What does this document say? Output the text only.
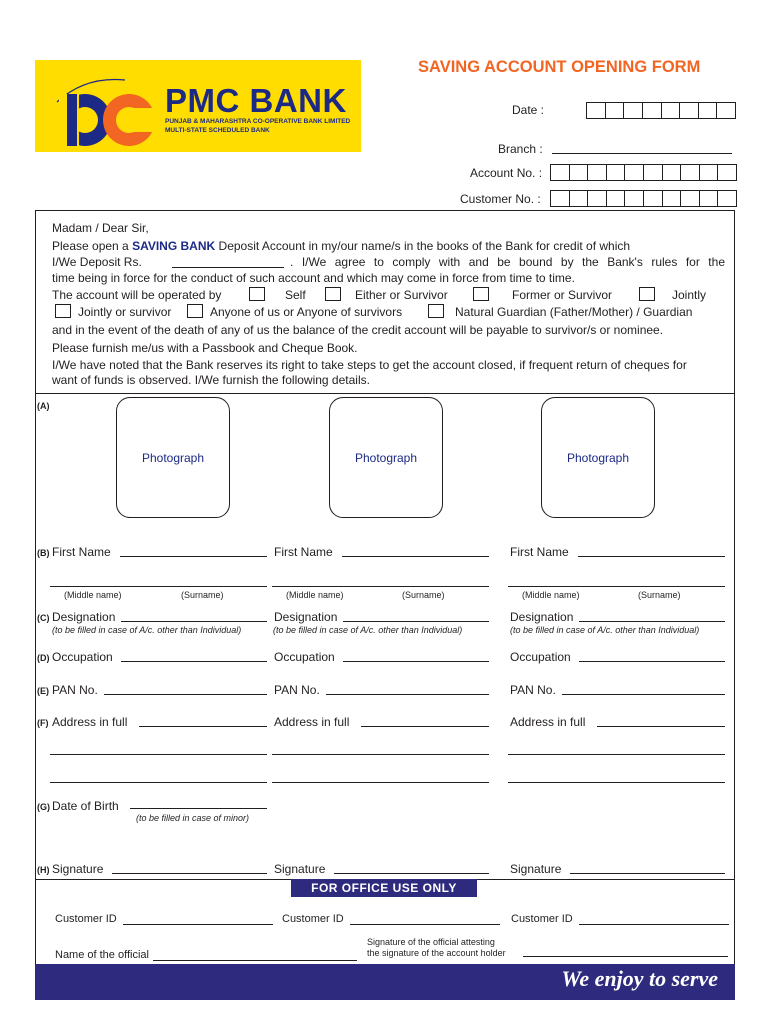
PMC BANK
PUNJAB & MAHARASHTRA CO-OPERATIVE BANK LIMITED
MULTI-STATE SCHEDULED BANK
SAVING ACCOUNT OPENING FORM
Date :
Branch :
Account No. :
Customer No. :
Madam / Dear Sir,
Please open a SAVING BANK Deposit Account in my/our name/s in the books of the Bank for credit of which
I/We Deposit Rs.	. I/We agree to comply with and be bound by the Bank's rules for the
time being in force for the conduct of such account and which may come in force from time to time.
The account will be operated by	Self	Either or Survivor	Former or Survivor	Jointly
Jointly or survivor	Anyone of us or Anyone of survivors	Natural Guardian (Father/Mother) / Guardian
and in the event of the death of any of us the balance of the credit account will be payable to survivor/s or nominee.
Please furnish me/us with a Passbook and Cheque Book.
I/We have noted that the Bank reserves its right to take steps to get the account closed, if frequent return of cheques for
want of funds is observed. I/We furnish the following details.
(A)
Photograph	Photograph	Photograph
(B) First Name	First Name	First Name
(Middle name)	(Surname)	(Middle name)	(Surname)	(Middle name)	(Surname)
(C) Designation	Designation	Designation
(to be filled in case of A/c. other than Individual)	(to be filled in case of A/c. other than Individual)	(to be filled in case of A/c. other than Individual)
(D) Occupation	Occupation	Occupation
(E) PAN No.	PAN No.	PAN No.
(F) Address in full	Address in full	Address in full
(G) Date of Birth
(to be filled in case of minor)
(H) Signature	Signature	Signature
FOR OFFICE USE ONLY
Customer ID	Customer ID	Customer ID
Name of the official
Signature of the official attesting
the signature of the account holder
We enjoy to serve
